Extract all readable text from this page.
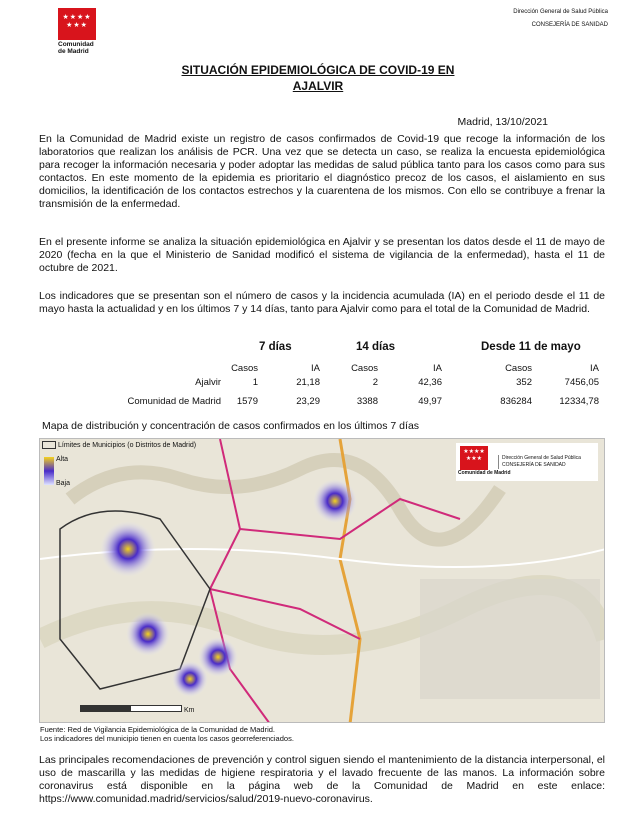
★★★★ ★★★
Comunidad
de Madrid
Dirección General de Salud Pública
CONSEJERÍA DE SANIDAD
SITUACIÓN EPIDEMIOLÓGICA DE COVID-19 EN
AJALVIR
Madrid, 13/10/2021
En la Comunidad de Madrid existe un registro de casos confirmados de Covid-19 que recoge la información de los laboratorios que realizan los análisis de PCR. Una vez que se detecta un caso, se realiza la encuesta epidemiológica para recoger la información necesaria y poder adoptar las medidas de salud pública tanto para los casos como para sus contactos. En este momento de la epidemia es prioritario el diagnóstico precoz de los casos, el aislamiento en sus domicilios, la identificación de los contactos estrechos y la cuarentena de los mismos. Con ello se contribuye a frenar la transmisión de la enfermedad.
En el presente informe se analiza la situación epidemiológica en Ajalvir y se presentan los datos desde el 11 de mayo de 2020 (fecha en la que el Ministerio de Sanidad modificó el sistema de vigilancia de la enfermedad), hasta el 11 de octubre de 2021.
Los indicadores que se presentan son el número de casos y la incidencia acumulada (IA) en el periodo desde el 11 de mayo hasta la actualidad y en los últimos 7 y 14 días, tanto para Ajalvir como para el total de la Comunidad de Madrid.
7 días	14 días	Desde 11 de mayo
Casos	IA	Casos	IA	Casos	IA
Ajalvir	1	21,18	2	42,36	352	7456,05
Comunidad de Madrid 1579	23,29	3388	49,97	836284	12334,78
Mapa de distribución y concentración de casos confirmados en los últimos 7 días
Límites de Municipios (o Distritos de Madrid)
Alta
Baja
★★★★ ★★★
Comunidad de Madrid
Dirección General de Salud Pública
CONSEJERÍA DE SANIDAD
Km
Fuente: Red de Vigilancia Epidemiológica de la Comunidad de Madrid.
Los indicadores del municipio tienen en cuenta los casos georreferenciados.
Las principales recomendaciones de prevención y control siguen siendo el mantenimiento de la distancia interpersonal, el uso de mascarilla y las medidas de higiene respiratoria y el lavado frecuente de las manos. La información sobre coronavirus está disponible en la página web de la Comunidad de Madrid en este enlace: https://www.comunidad.madrid/servicios/salud/2019-nuevo-coronavirus.
